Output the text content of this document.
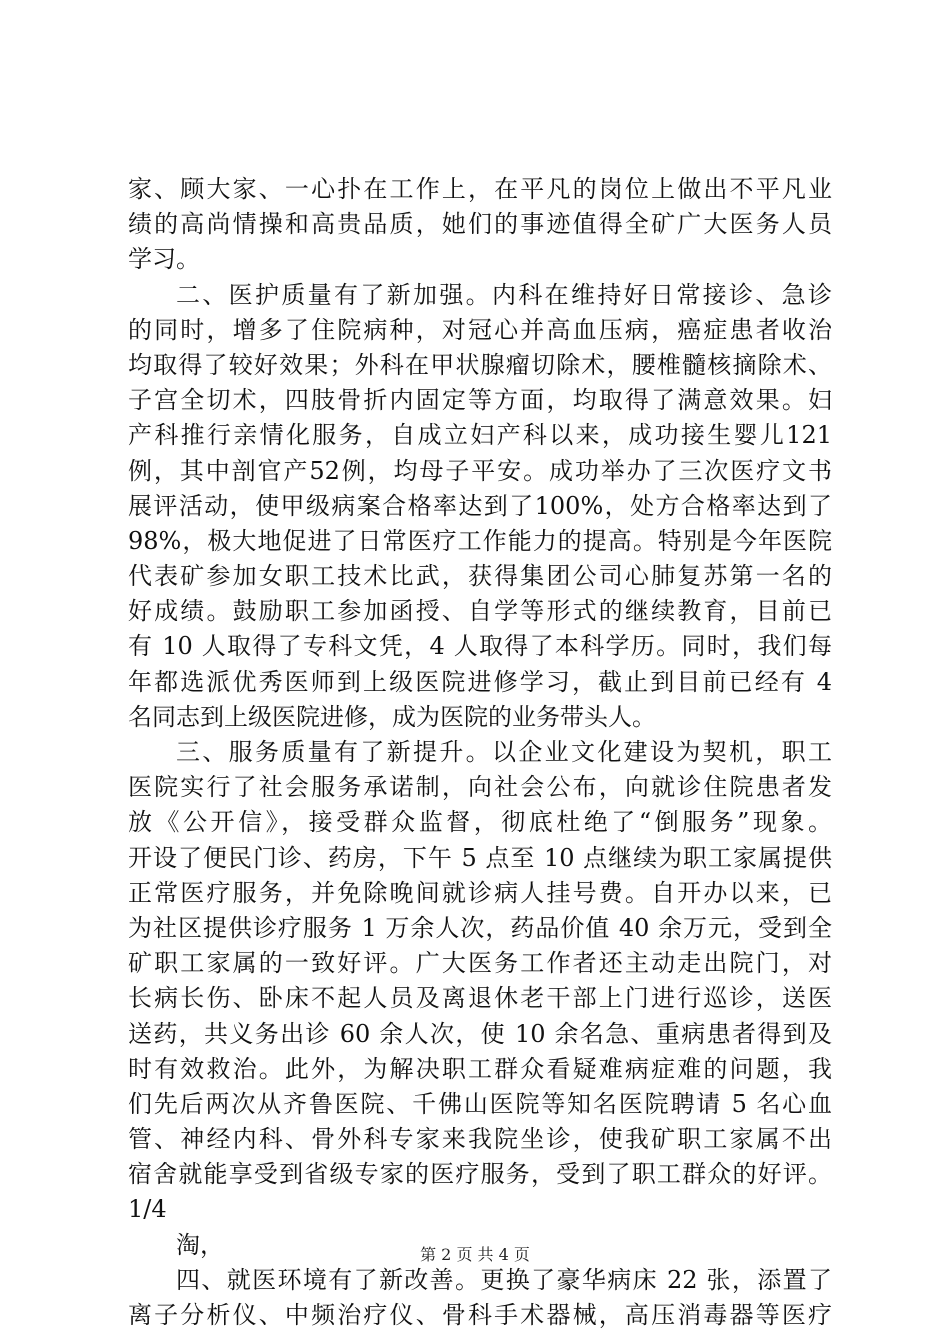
家、顾大家、一心扑在工作上，在平凡的岗位上做出不平凡业
绩的高尚情操和高贵品质，她们的事迹值得全矿广大医务人员
学习。
二、医护质量有了新加强。内科在维持好日常接诊、急诊
的同时，增多了住院病种，对冠心并高血压病，癌症患者收治
均取得了较好效果；外科在甲状腺瘤切除术，腰椎髓核摘除术、
子宫全切术，四肢骨折内固定等方面，均取得了满意效果。妇
产科推行亲情化服务，自成立妇产科以来，成功接生婴儿121
例，其中剖官产52例，均母子平安。成功举办了三次医疗文书
展评活动，使甲级病案合格率达到了100%，处方合格率达到了
98%，极大地促进了日常医疗工作能力的提高。特别是今年医院
代表矿参加女职工技术比武，获得集团公司心肺复苏第一名的
好成绩。鼓励职工参加函授、自学等形式的继续教育，目前已
有 10 人取得了专科文凭，4 人取得了本科学历。同时，我们每
年都选派优秀医师到上级医院进修学习，截止到目前已经有 4
名同志到上级医院进修，成为医院的业务带头人。
三、服务质量有了新提升。以企业文化建设为契机，职工
医院实行了社会服务承诺制，向社会公布，向就诊住院患者发
放《公开信》，接受群众监督，彻底杜绝了“倒服务”现象。
开设了便民门诊、药房，下午 5 点至 10 点继续为职工家属提供
正常医疗服务，并免除晚间就诊病人挂号费。自开办以来，已
为社区提供诊疗服务 1 万余人次，药品价值 40 余万元，受到全
矿职工家属的一致好评。广大医务工作者还主动走出院门，对
长病长伤、卧床不起人员及离退休老干部上门进行巡诊，送医
送药，共义务出诊 60 余人次，使 10 余名急、重病患者得到及
时有效救治。此外，为解决职工群众看疑难病症难的问题，我
们先后两次从齐鲁医院、千佛山医院等知名医院聘请 5 名心血
管、神经内科、骨外科专家来我院坐诊，使我矿职工家属不出
宿舍就能享受到省级专家的医疗服务，受到了职工群众的好评。
1/4
淘，
四、就医环境有了新改善。更换了豪华病床 22 张，添置了
离子分析仪、中频治疗仪、骨科手术器械，高压消毒器等医疗
第 2 页 共 4 页
